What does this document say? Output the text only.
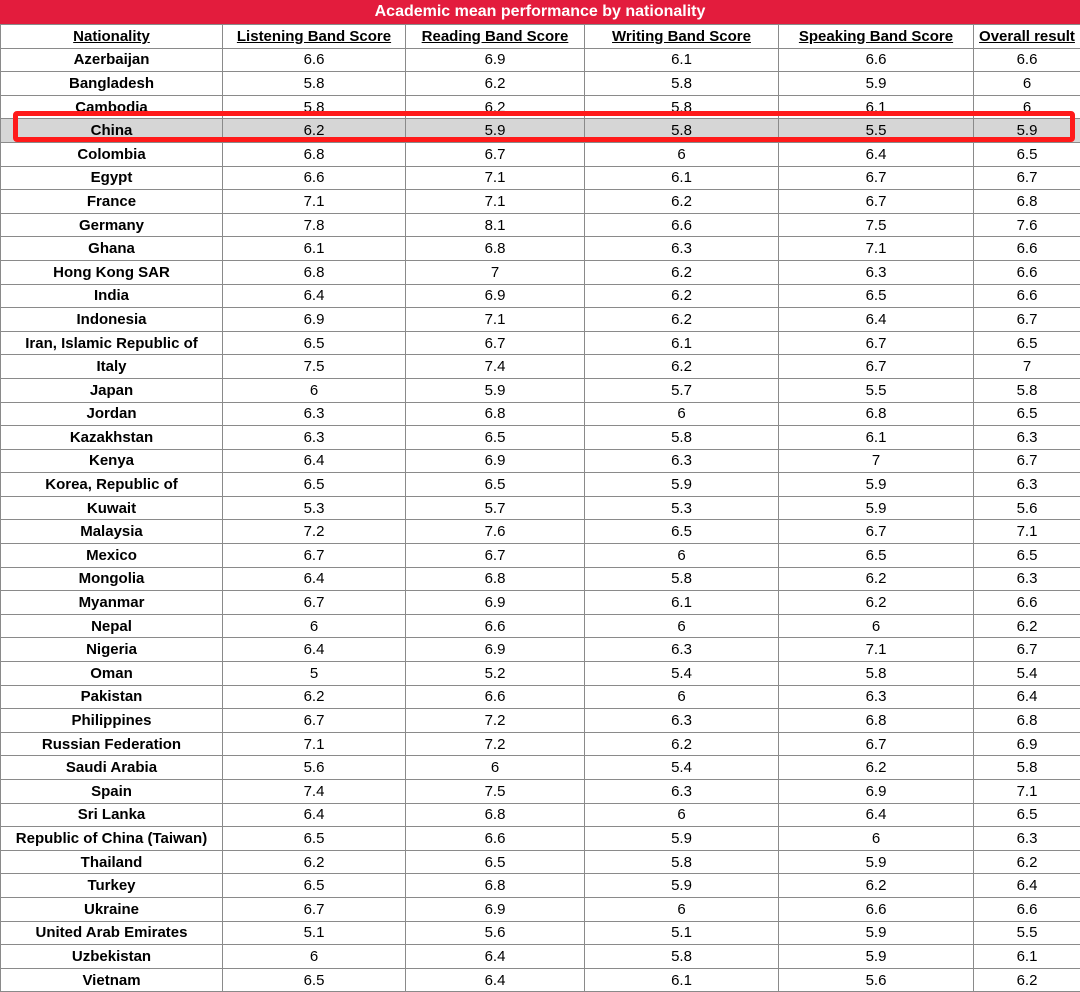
Academic mean performance by nationality
Nationality	Listening Band Score	Reading Band Score	Writing Band Score	Speaking Band Score	Overall result
Azerbaijan	6.6	6.9	6.1	6.6	6.6
Bangladesh	5.8	6.2	5.8	5.9	6
Cambodia	5.8	6.2	5.8	6.1	6
China	6.2	5.9	5.8	5.5	5.9
Colombia	6.8	6.7	6	6.4	6.5
Egypt	6.6	7.1	6.1	6.7	6.7
France	7.1	7.1	6.2	6.7	6.8
Germany	7.8	8.1	6.6	7.5	7.6
Ghana	6.1	6.8	6.3	7.1	6.6
Hong Kong SAR	6.8	7	6.2	6.3	6.6
India	6.4	6.9	6.2	6.5	6.6
Indonesia	6.9	7.1	6.2	6.4	6.7
Iran, Islamic Republic of	6.5	6.7	6.1	6.7	6.5
Italy	7.5	7.4	6.2	6.7	7
Japan	6	5.9	5.7	5.5	5.8
Jordan	6.3	6.8	6	6.8	6.5
Kazakhstan	6.3	6.5	5.8	6.1	6.3
Kenya	6.4	6.9	6.3	7	6.7
Korea, Republic of	6.5	6.5	5.9	5.9	6.3
Kuwait	5.3	5.7	5.3	5.9	5.6
Malaysia	7.2	7.6	6.5	6.7	7.1
Mexico	6.7	6.7	6	6.5	6.5
Mongolia	6.4	6.8	5.8	6.2	6.3
Myanmar	6.7	6.9	6.1	6.2	6.6
Nepal	6	6.6	6	6	6.2
Nigeria	6.4	6.9	6.3	7.1	6.7
Oman	5	5.2	5.4	5.8	5.4
Pakistan	6.2	6.6	6	6.3	6.4
Philippines	6.7	7.2	6.3	6.8	6.8
Russian Federation	7.1	7.2	6.2	6.7	6.9
Saudi Arabia	5.6	6	5.4	6.2	5.8
Spain	7.4	7.5	6.3	6.9	7.1
Sri Lanka	6.4	6.8	6	6.4	6.5
Republic of China (Taiwan)	6.5	6.6	5.9	6	6.3
Thailand	6.2	6.5	5.8	5.9	6.2
Turkey	6.5	6.8	5.9	6.2	6.4
Ukraine	6.7	6.9	6	6.6	6.6
United Arab Emirates	5.1	5.6	5.1	5.9	5.5
Uzbekistan	6	6.4	5.8	5.9	6.1
Vietnam	6.5	6.4	6.1	5.6	6.2
